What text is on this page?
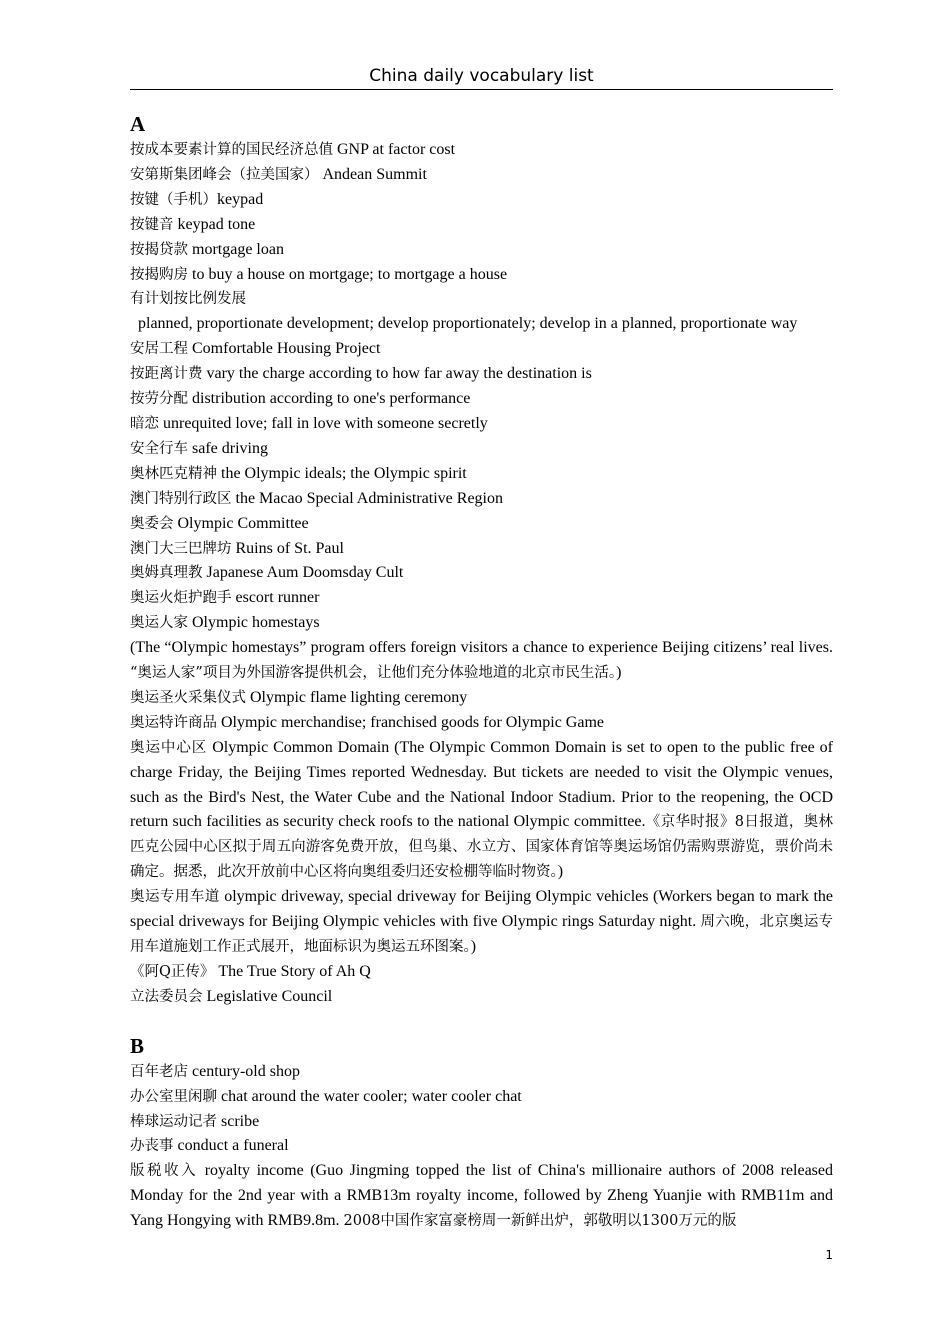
China daily vocabulary list
A
按成本要素计算的国民经济总值 GNP at factor cost
安第斯集团峰会（拉美国家） Andean Summit
按键（手机）keypad
按键音 keypad tone
按揭贷款 mortgage loan
按揭购房 to buy a house on mortgage; to mortgage a house
有计划按比例发展
planned, proportionate development; develop proportionately; develop in a planned, proportionate way
安居工程 Comfortable Housing Project
按距离计费 vary the charge according to how far away the destination is
按劳分配 distribution according to one's performance
暗恋 unrequited love; fall in love with someone secretly
安全行车 safe driving
奥林匹克精神 the Olympic ideals; the Olympic spirit
澳门特别行政区 the Macao Special Administrative Region
奥委会 Olympic Committee
澳门大三巴牌坊 Ruins of St. Paul
奥姆真理教 Japanese Aum Doomsday Cult
奥运火炬护跑手 escort runner
奥运人家 Olympic homestays
(The “Olympic homestays” program offers foreign visitors a chance to experience Beijing citizens’ real lives. “奥运人家”项目为外国游客提供机会，让他们充分体验地道的北京市民生活。)
奥运圣火采集仪式 Olympic flame lighting ceremony
奥运特许商品 Olympic merchandise; franchised goods for Olympic Game
奥运中心区 Olympic Common Domain (The Olympic Common Domain is set to open to the public free of charge Friday, the Beijing Times reported Wednesday. But tickets are needed to visit the Olympic venues, such as the Bird's Nest, the Water Cube and the National Indoor Stadium. Prior to the reopening, the OCD return such facilities as security check roofs to the national Olympic committee.《京华时报》8日报道，奥林匹克公园中心区拟于周五向游客免费开放，但鸟巢、水立方、国家体育馆等奥运场馆仍需购票游览，票价尚未确定。据悉，此次开放前中心区将向奥组委归还安检棚等临时物资。)
奥运专用车道 olympic driveway, special driveway for Beijing Olympic vehicles (Workers began to mark the special driveways for Beijing Olympic vehicles with five Olympic rings Saturday night. 周六晚，北京奥运专用车道施划工作正式展开，地面标识为奥运五环图案。)
《阿Q正传》 The True Story of Ah Q
立法委员会 Legislative Council
B
百年老店 century-old shop
办公室里闲聊 chat around the water cooler; water cooler chat
棒球运动记者 scribe
办丧事 conduct a funeral
版税收入 royalty income (Guo Jingming topped the list of China's millionaire authors of 2008 released Monday for the 2nd year with a RMB13m royalty income, followed by Zheng Yuanjie with RMB11m and Yang Hongying with RMB9.8m. 2008中国作家富豪榜周一新鲜出炉，郭敬明以1300万元的版
1
